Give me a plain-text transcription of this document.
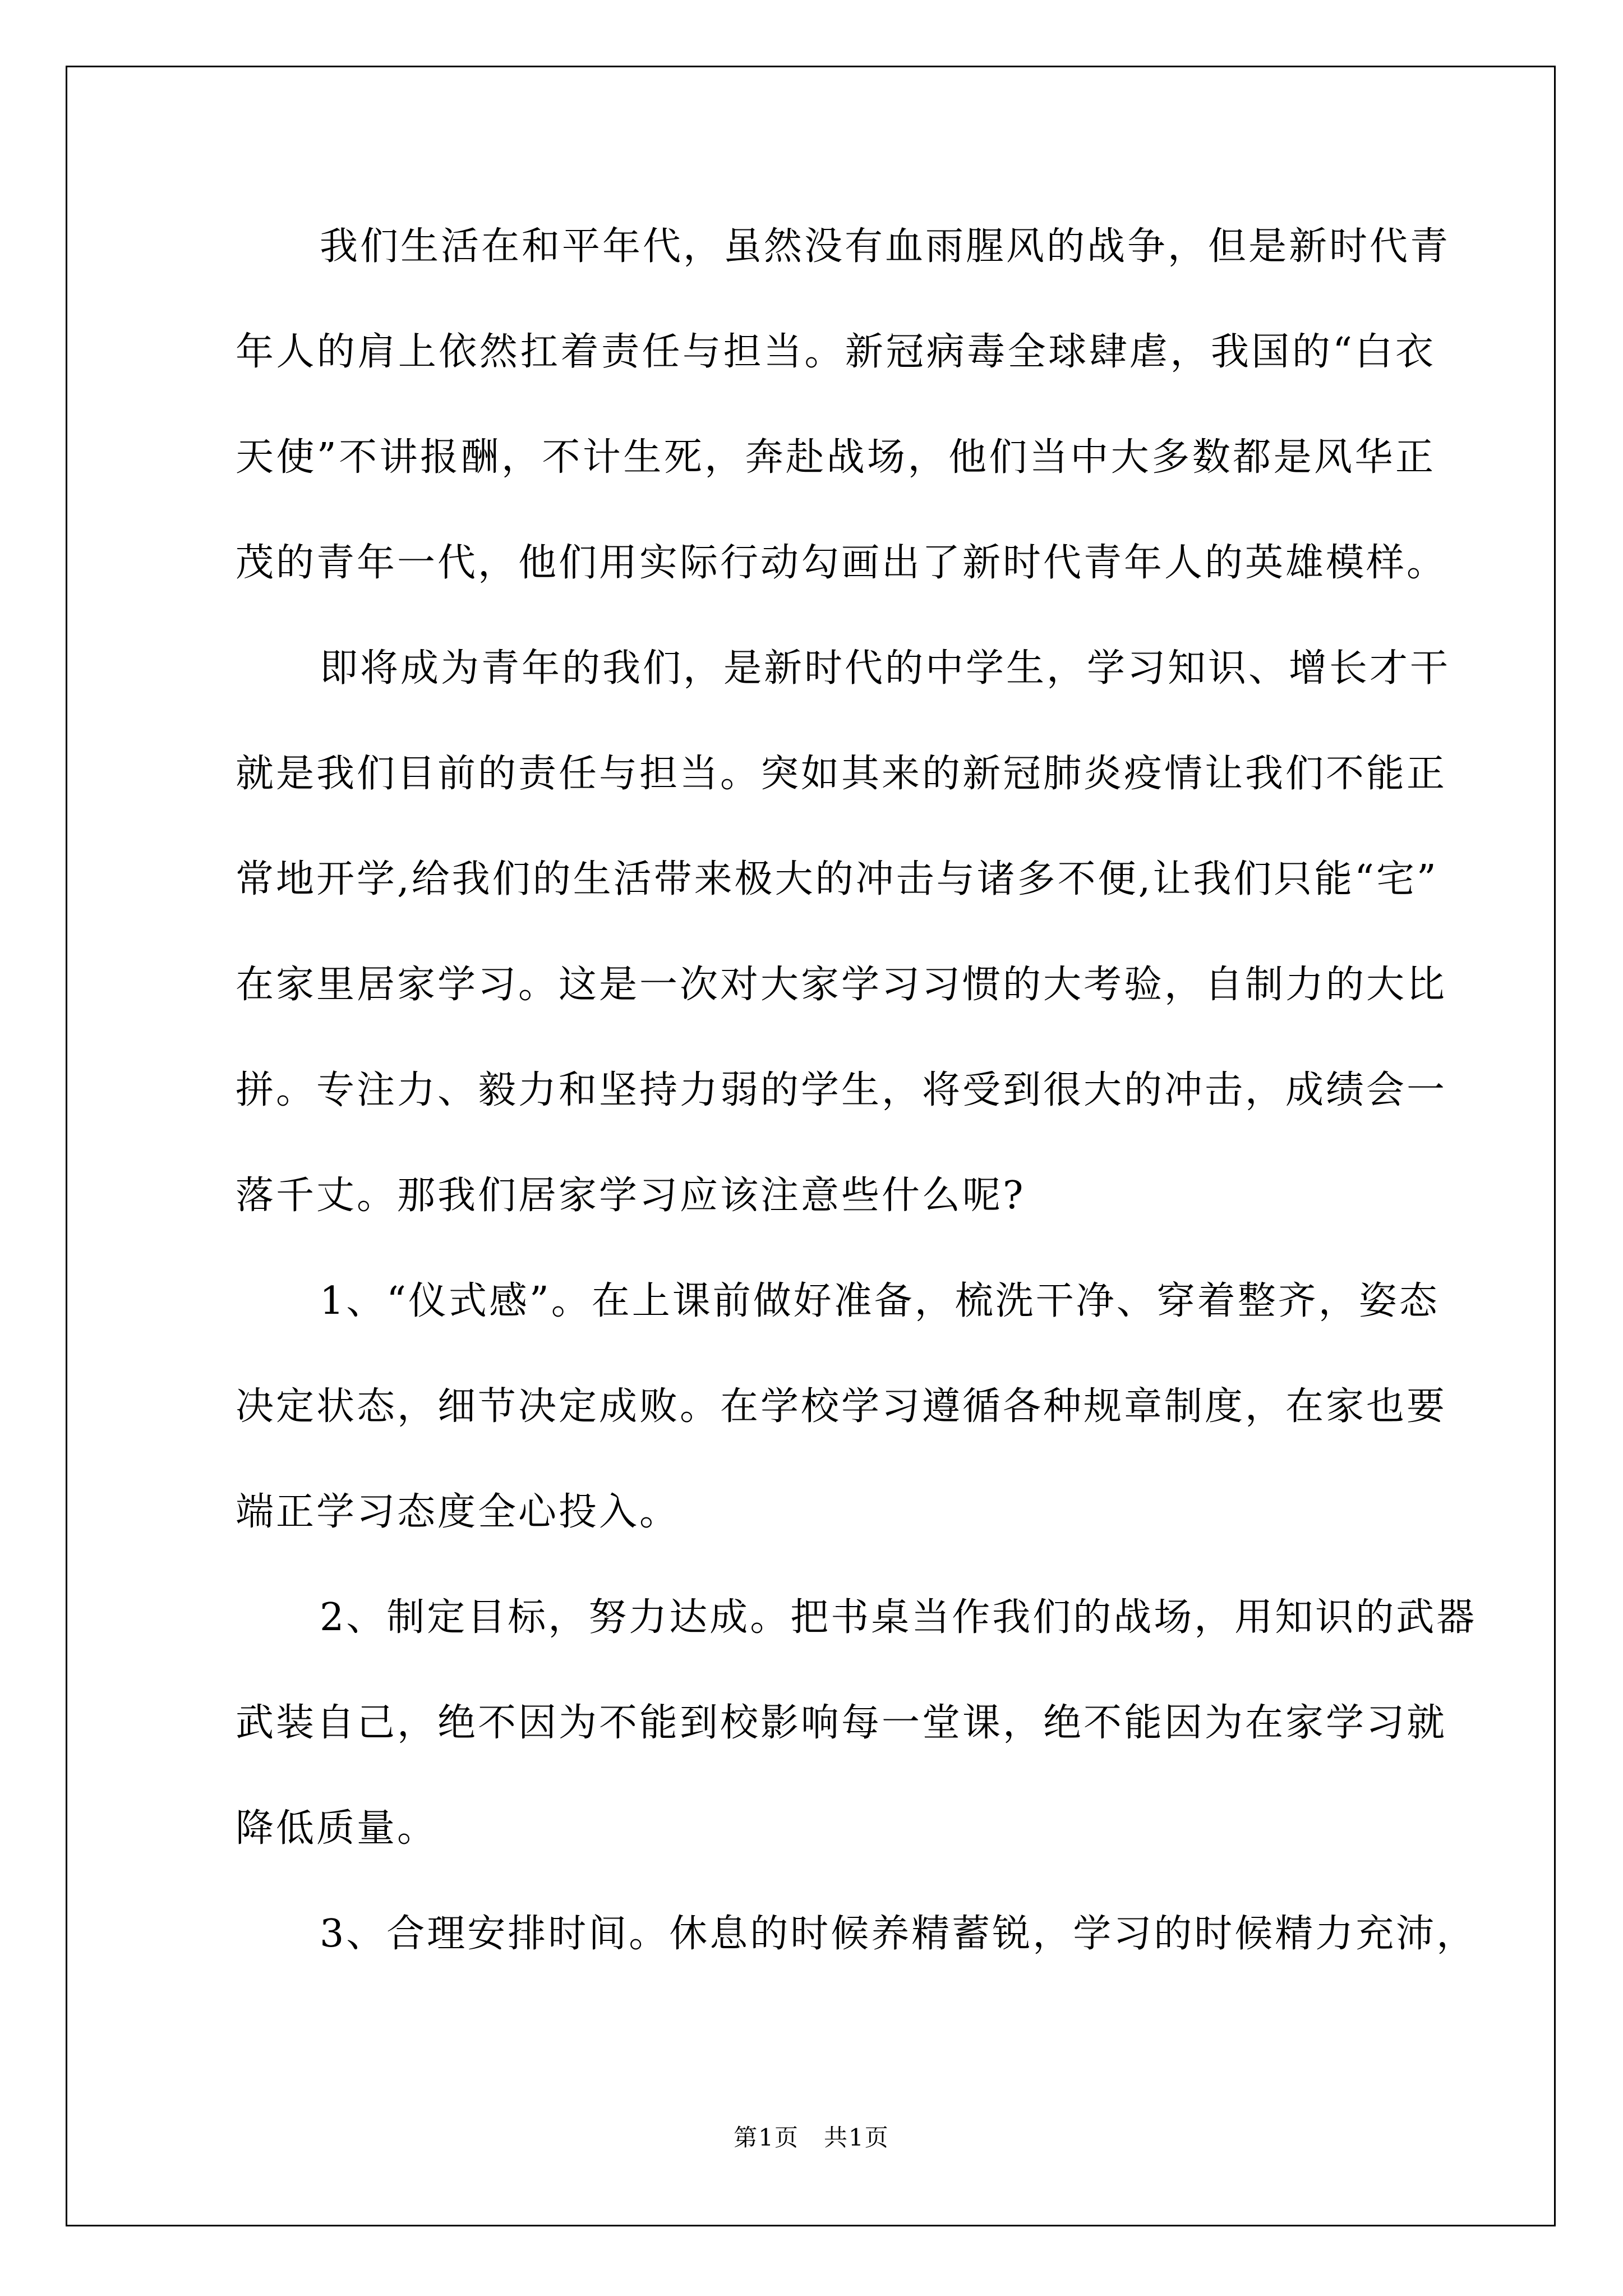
我们生活在和平年代，虽然没有血雨腥风的战争，但是新时代青
年人的肩上依然扛着责任与担当。新冠病毒全球肆虐，我国的“白衣
天使”不讲报酬，不计生死，奔赴战场，他们当中大多数都是风华正
茂的青年一代，他们用实际行动勾画出了新时代青年人的英雄模样。
即将成为青年的我们，是新时代的中学生，学习知识、增长才干
就是我们目前的责任与担当。突如其来的新冠肺炎疫情让我们不能正
常地开学,给我们的生活带来极大的冲击与诸多不便,让我们只能“宅”
在家里居家学习。这是一次对大家学习习惯的大考验，自制力的大比
拼。专注力、毅力和坚持力弱的学生，将受到很大的冲击，成绩会一
落千丈。那我们居家学习应该注意些什么呢?
1、“仪式感”。在上课前做好准备，梳洗干净、穿着整齐，姿态
决定状态，细节决定成败。在学校学习遵循各种规章制度，在家也要
端正学习态度全心投入。
2、制定目标，努力达成。把书桌当作我们的战场，用知识的武器
武装自己，绝不因为不能到校影响每一堂课，绝不能因为在家学习就
降低质量。
3、合理安排时间。休息的时候养精蓄锐，学习的时候精力充沛，
第1页　共1页
